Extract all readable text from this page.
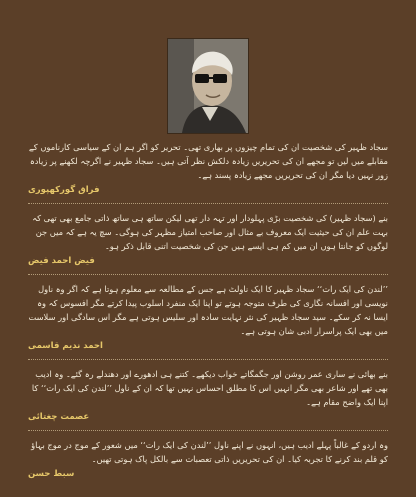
سجاد ظہیر کی شخصیت ان کی تمام چیزوں پر بھاری تھی۔ تحریر کو اگر ہم ان کے سیاسی کارناموں کے مقابلے میں لیں تو مجھے ان کی تحریریں زیادہ دلکش نظر آتی ہیں۔ سجاد ظہیر نے اگرچہ لکھنے پر زیادہ زور نہیں دیا مگر ان کی تحریریں مجھے زیادہ پسند ہے۔
فراق گورکھپوری
بنے (سجاد ظہیر) کی شخصیت بڑی پہلودار اور تہہ دار تھی لیکن ساتھ ہی ساتھ ذاتی جامع بھی تھی کہ بہت علم ان کی حیثیت ایک معروف بے مثال اور صاحب امتیاز مظہر کی ہوگی۔ سچ یہ ہے کہ میں جن لوگوں کو جانتا ہوں ان میں کم ہی ایسے ہیں جن کی شخصیت اتنی قابل ذکر ہو۔
فیض احمد فیض
’’لندن کی ایک رات‘‘ سجاد ظہیر کا ایک ناولٹ ہے جس کے مطالعہ سے معلوم ہوتا ہے کہ اگر وہ ناول نویسی اور افسانہ نگاری کی طرف متوجہ ہوتے تو اپنا ایک منفرد اسلوب پیدا کرتے مگر افسوس کہ وہ ایسا نہ کر سکے۔ سید سجاد ظہیر کی نثر نہایت سادہ اور سلیس ہوتی ہے مگر اس سادگی اور سلاست میں بھی ایک پراسرار ادبی شان ہوتی ہے۔
احمد ندیم قاسمی
بنے بھائی نے ساری عمر روشن اور جگمگاتے خواب دیکھے۔ کتنے ہی ادھورے اور دھندلے رہ گئے۔ وہ ادیب بھی تھے اور شاعر بھی مگر انہیں اس کا مطلق احساس نہیں تھا کہ ان کے ناول ’’لندن کی ایک رات‘‘ کا اپنا ایک واضح مقام ہے۔
عصمت چغتائی
وہ اردو کے غالباً پہلے ادیب ہیں، انہوں نے اپنے ناول ’’لندن کی ایک رات‘‘ میں شعور کے موج در موج بہاؤ کو قلم بند کرنے کا تجربہ کیا۔ ان کی تحریریں ذاتی تعصبات سے بالکل پاک ہوتی تھیں۔
سبط حسن
